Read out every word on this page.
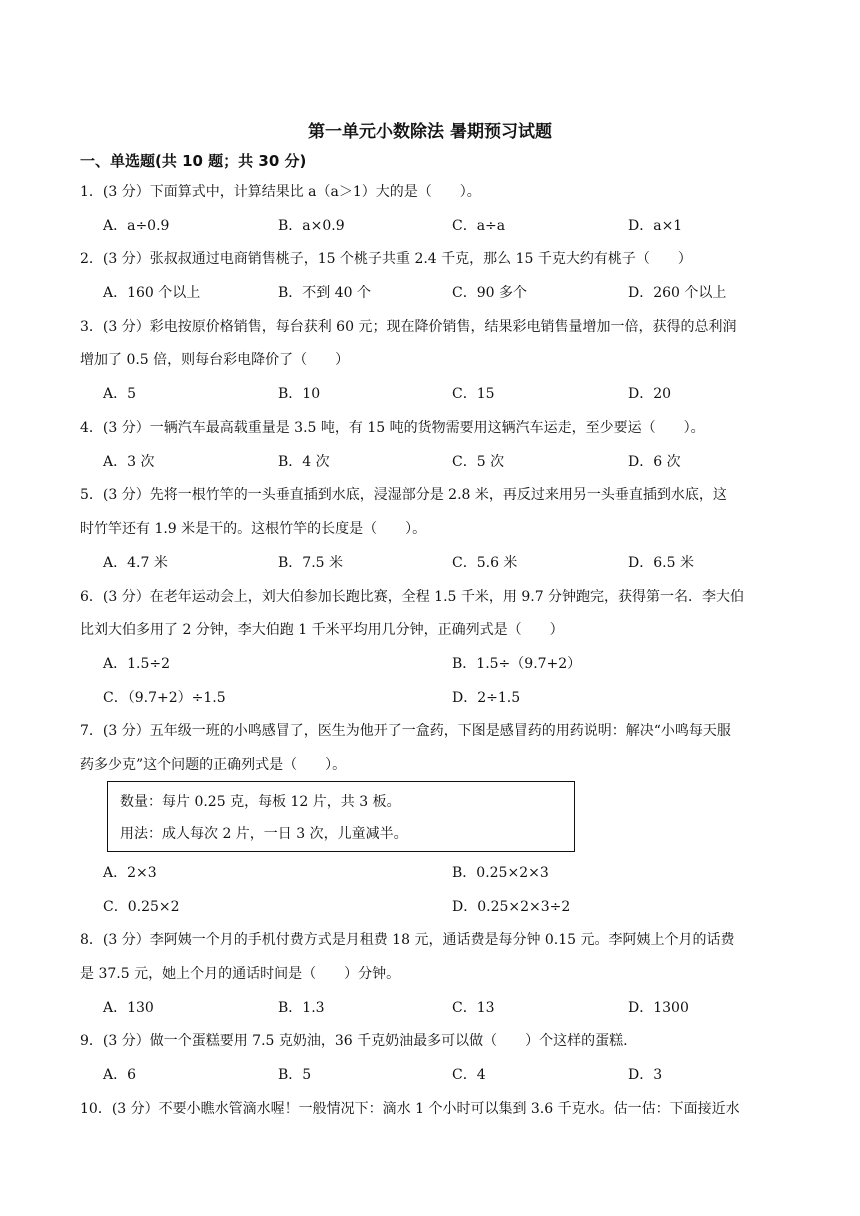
第一单元小数除法 暑期预习试题
一、单选题(共 10 题；共 30 分)
1．(3 分）下面算式中，计算结果比 a（a＞1）大的是（　　）。
A．a÷0.9	B．a×0.9	C．a÷a	D．a×1
2．(3 分）张叔叔通过电商销售桃子，15 个桃子共重 2.4 千克，那么 15 千克大约有桃子（　　）
A．160 个以上	B．不到 40 个	C．90 多个	D．260 个以上
3．(3 分）彩电按原价格销售，每台获利 60 元；现在降价销售，结果彩电销售量增加一倍，获得的总利润
增加了 0.5 倍，则每台彩电降价了（　　）
A．5	B．10	C．15	D．20
4．(3 分）一辆汽车最高载重量是 3.5 吨，有 15 吨的货物需要用这辆汽车运走，至少要运（　　）。
A．3 次	B．4 次	C．5 次	D．6 次
5．(3 分）先将一根竹竿的一头垂直插到水底，浸湿部分是 2.8 米，再反过来用另一头垂直插到水底，这
时竹竿还有 1.9 米是干的。这根竹竿的长度是（　　）。
A．4.7 米	B．7.5 米	C．5.6 米	D．6.5 米
6．(3 分）在老年运动会上，刘大伯参加长跑比赛，全程 1.5 千米，用 9.7 分钟跑完，获得第一名．李大伯
比刘大伯多用了 2 分钟，李大伯跑 1 千米平均用几分钟，正确列式是（　　）
A．1.5÷2	B．1.5÷（9.7+2）
C．（9.7+2）÷1.5	D．2÷1.5
7．(3 分）五年级一班的小鸣感冒了，医生为他开了一盒药，下图是感冒药的用药说明：解决“小鸣每天服
药多少克”这个问题的正确列式是（　　）。
数量：每片 0.25 克，每板 12 片，共 3 板。
用法：成人每次 2 片，一日 3 次，儿童减半。
A．2×3	B．0.25×2×3
C．0.25×2	D．0.25×2×3÷2
8．(3 分）李阿姨一个月的手机付费方式是月租费 18 元，通话费是每分钟 0.15 元。李阿姨上个月的话费
是 37.5 元，她上个月的通话时间是（　　）分钟。
A．130	B．1.3	C．13	D．1300
9．(3 分）做一个蛋糕要用 7.5 克奶油，36 千克奶油最多可以做（　　）个这样的蛋糕.
A．6	B．5	C．4	D．3
10．(3 分）不要小瞧水管滴水喔！一般情况下：滴水 1 个小时可以集到 3.6 千克水。估一估：下面接近水
